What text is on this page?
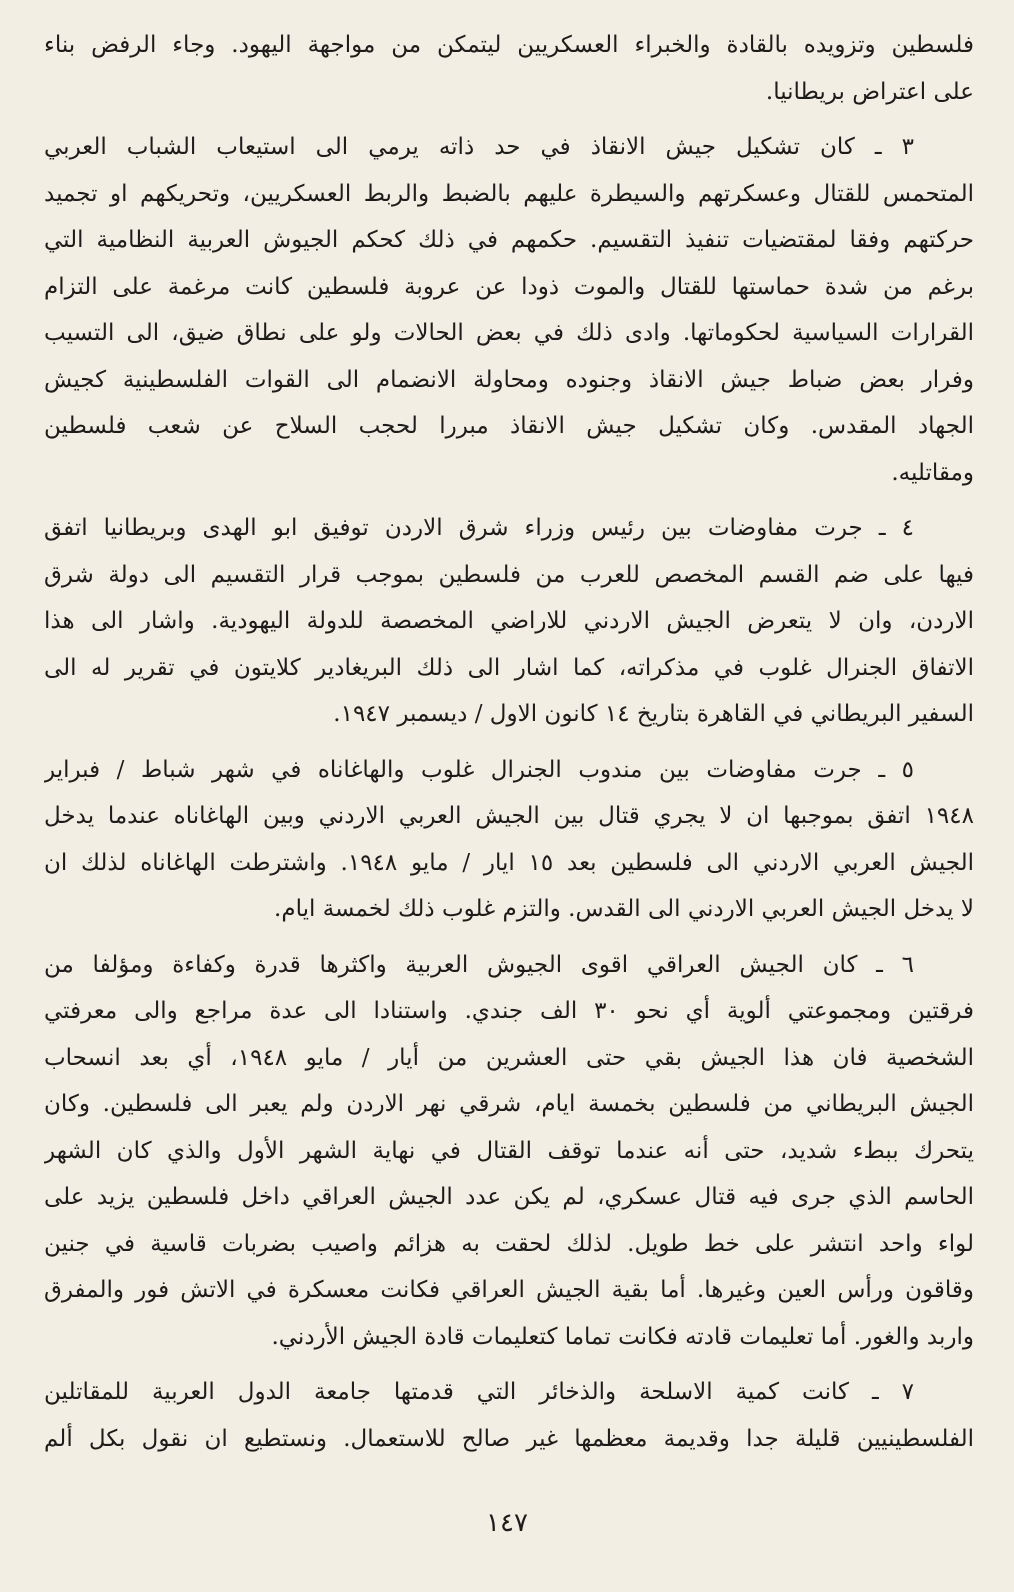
فلسطين وتزويده بالقادة والخبراء العسكريين ليتمكن من مواجهة اليهود. وجاء الرفض بناء
على اعتراض بريطانيا.
٣ ـ كان تشكيل جيش الانقاذ في حد ذاته يرمي الى استيعاب الشباب العربي
المتحمس للقتال وعسكرتهم والسيطرة عليهم بالضبط والربط العسكريين، وتحريكهم او تجميد
حركتهم وفقا لمقتضيات تنفيذ التقسيم. حكمهم في ذلك كحكم الجيوش العربية النظامية التي
برغم من شدة حماستها للقتال والموت ذودا عن عروبة فلسطين كانت مرغمة على التزام
القرارات السياسية لحكوماتها. وادى ذلك في بعض الحالات ولو على نطاق ضيق، الى التسيب
وفرار بعض ضباط جيش الانقاذ وجنوده ومحاولة الانضمام الى القوات الفلسطينية كجيش
الجهاد المقدس. وكان تشكيل جيش الانقاذ مبررا لحجب السلاح عن شعب فلسطين
ومقاتليه.
٤ ـ جرت مفاوضات بين رئيس وزراء شرق الاردن توفيق ابو الهدى وبريطانيا اتفق
فيها على ضم القسم المخصص للعرب من فلسطين بموجب قرار التقسيم الى دولة شرق
الاردن، وان لا يتعرض الجيش الاردني للاراضي المخصصة للدولة اليهودية. واشار الى هذا
الاتفاق الجنرال غلوب في مذكراته، كما اشار الى ذلك البريغادير كلايتون في تقرير له الى
السفير البريطاني في القاهرة بتاريخ ١٤ كانون الاول / ديسمبر ١٩٤٧.
٥ ـ جرت مفاوضات بين مندوب الجنرال غلوب والهاغاناه في شهر شباط / فبراير
١٩٤٨ اتفق بموجبها ان لا يجري قتال بين الجيش العربي الاردني وبين الهاغاناه عندما يدخل
الجيش العربي الاردني الى فلسطين بعد ١٥ ايار / مايو ١٩٤٨. واشترطت الهاغاناه لذلك ان
لا يدخل الجيش العربي الاردني الى القدس. والتزم غلوب ذلك لخمسة ايام.
٦ ـ كان الجيش العراقي اقوى الجيوش العربية واكثرها قدرة وكفاءة ومؤلفا من
فرقتين ومجموعتي ألوية أي نحو ٣٠ الف جندي. واستنادا الى عدة مراجع والى معرفتي
الشخصية فان هذا الجيش بقي حتى العشرين من أيار / مايو ١٩٤٨، أي بعد انسحاب
الجيش البريطاني من فلسطين بخمسة ايام، شرقي نهر الاردن ولم يعبر الى فلسطين. وكان
يتحرك ببطء شديد، حتى أنه عندما توقف القتال في نهاية الشهر الأول والذي كان الشهر
الحاسم الذي جرى فيه قتال عسكري، لم يكن عدد الجيش العراقي داخل فلسطين يزيد على
لواء واحد انتشر على خط طويل. لذلك لحقت به هزائم واصيب بضربات قاسية في جنين
وقاقون ورأس العين وغيرها. أما بقية الجيش العراقي فكانت معسكرة في الاتش فور والمفرق
واربد والغور. أما تعليمات قادته فكانت تماما كتعليمات قادة الجيش الأردني.
٧ ـ كانت كمية الاسلحة والذخائر التي قدمتها جامعة الدول العربية للمقاتلين
الفلسطينيين قليلة جدا وقديمة معظمها غير صالح للاستعمال. ونستطيع ان نقول بكل ألم
١٤٧
